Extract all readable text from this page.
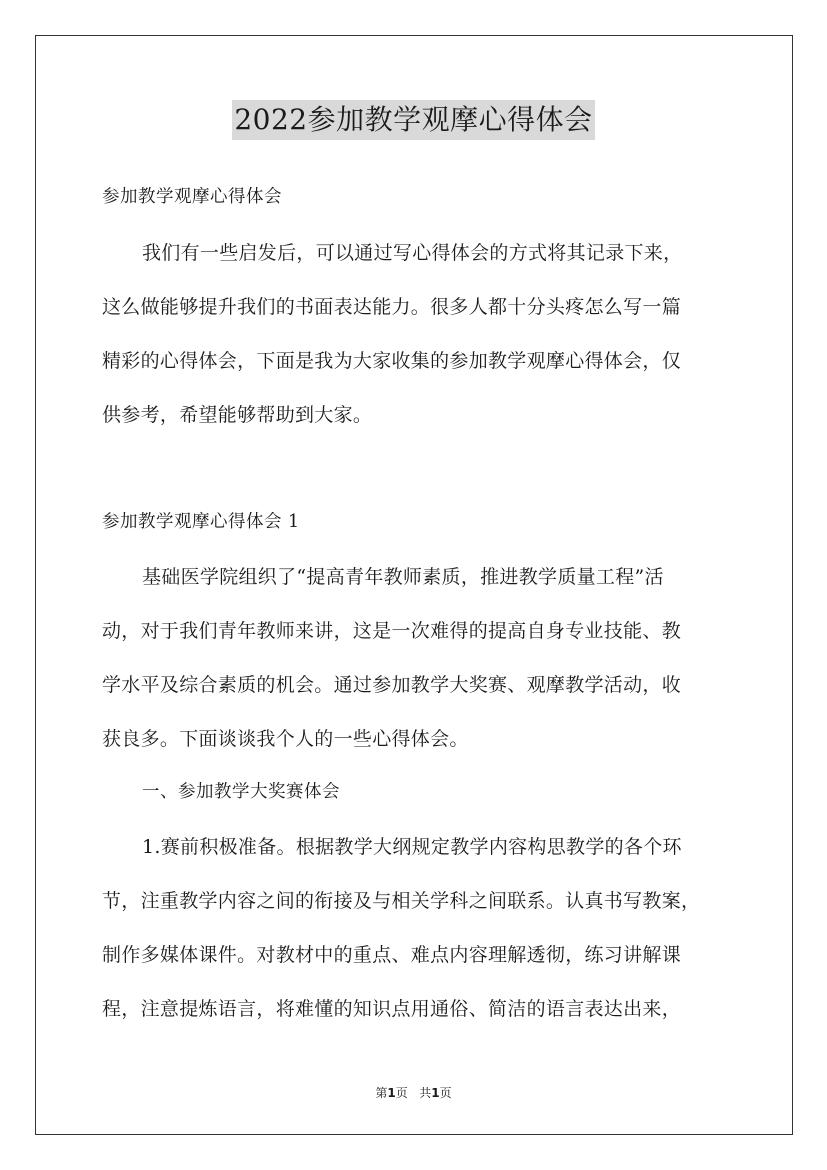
2022参加教学观摩心得体会
参加教学观摩心得体会
我们有一些启发后，可以通过写心得体会的方式将其记录下来，
这么做能够提升我们的书面表达能力。很多人都十分头疼怎么写一篇
精彩的心得体会，下面是我为大家收集的参加教学观摩心得体会，仅
供参考，希望能够帮助到大家。
参加教学观摩心得体会 1
基础医学院组织了“提高青年教师素质，推进教学质量工程”活
动，对于我们青年教师来讲，这是一次难得的提高自身专业技能、教
学水平及综合素质的机会。通过参加教学大奖赛、观摩教学活动，收
获良多。下面谈谈我个人的一些心得体会。
一、参加教学大奖赛体会
1.赛前积极准备。根据教学大纲规定教学内容构思教学的各个环
节，注重教学内容之间的衔接及与相关学科之间联系。认真书写教案，
制作多媒体课件。对教材中的重点、难点内容理解透彻，练习讲解课
程，注意提炼语言，将难懂的知识点用通俗、简洁的语言表达出来，
第1页 共1页
